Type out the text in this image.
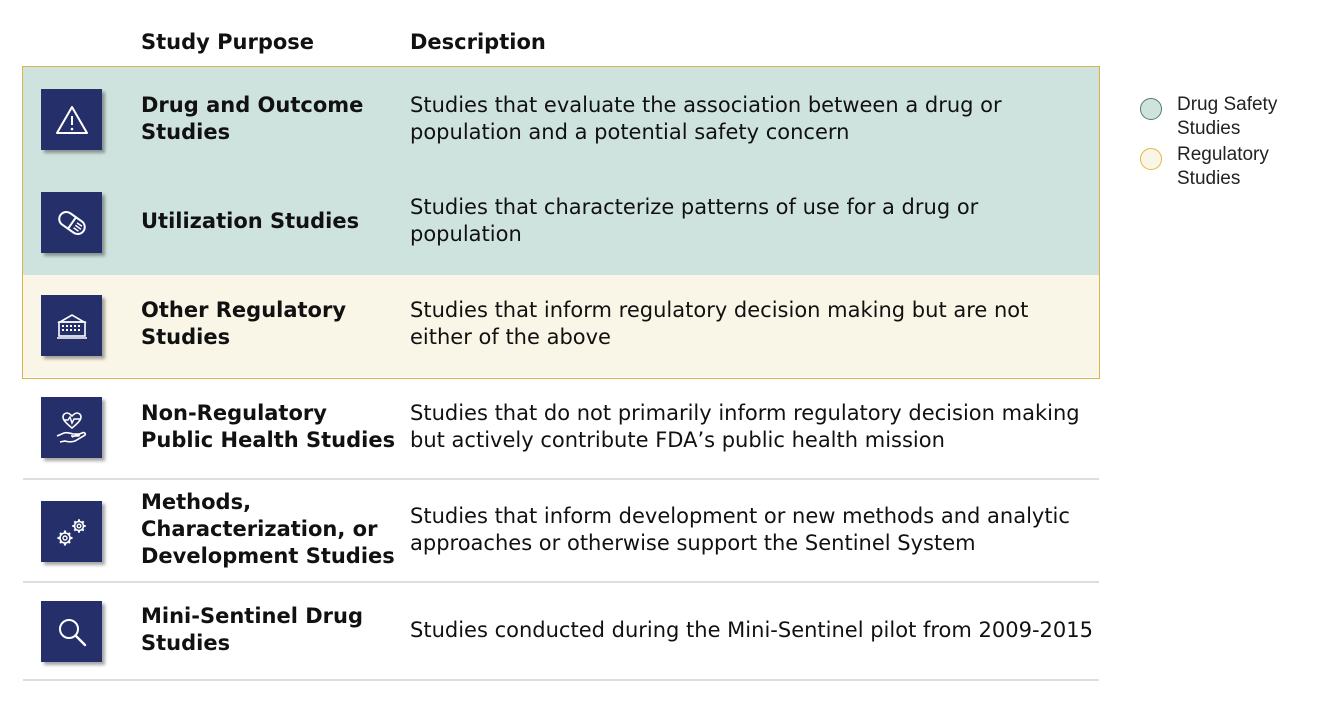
Study Purpose	Description
Drug and Outcome Studies
Studies that evaluate the association between a drug or population and a potential safety concern
Utilization Studies
Studies that characterize patterns of use for a drug or population
Other Regulatory Studies
Studies that inform regulatory decision making but are not either of the above
Non-Regulatory Public Health Studies
Studies that do not primarily inform regulatory decision making but actively contribute FDA’s public health mission
Methods, Characterization, or Development Studies
Studies that inform development or new methods and analytic approaches or otherwise support the Sentinel System
Mini-Sentinel Drug Studies
Studies conducted during the Mini-Sentinel pilot from 2009-2015
Drug Safety Studies
Regulatory Studies
